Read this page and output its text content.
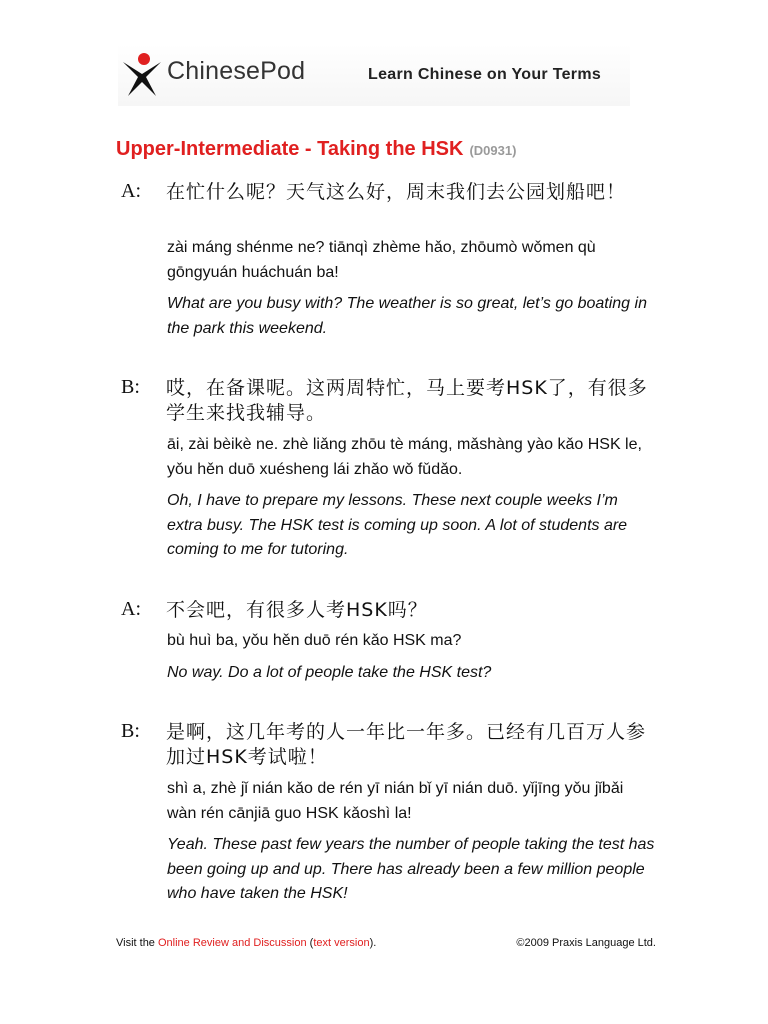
ChinesePod	Learn Chinese on Your Terms
Upper-Intermediate - Taking the HSK (D0931)
A: 在忙什么呢？天气这么好，周末我们去公园划船吧！
zài máng shénme ne? tiānqì zhème hǎo, zhōumò wǒmen qù gōngyuán huáchuán ba!
What are you busy with? The weather is so great, let’s go boating in the park this weekend.
B: 哎，在备课呢。这两周特忙，马上要考HSK了，有很多学生来找我辅导。
āi, zài bèikè ne. zhè liǎng zhōu tè máng, mǎshàng yào kǎo HSK le, yǒu hěn duō xuésheng lái zhǎo wǒ fǔdǎo.
Oh, I have to prepare my lessons. These next couple weeks I’m extra busy. The HSK test is coming up soon. A lot of students are coming to me for tutoring.
A: 不会吧，有很多人考HSK吗？
bù huì ba, yǒu hěn duō rén kǎo HSK ma?
No way. Do a lot of people take the HSK test?
B: 是啊，这几年考的人一年比一年多。已经有几百万人参加过HSK考试啦！
shì a, zhè jǐ nián kǎo de rén yī nián bǐ yī nián duō. yǐjīng yǒu jǐbǎi wàn rén cānjiā guo HSK kǎoshì la!
Yeah. These past few years the number of people taking the test has been going up and up. There has already been a few million people who have taken the HSK!
Visit the Online Review and Discussion (text version).	©2009 Praxis Language Ltd.
